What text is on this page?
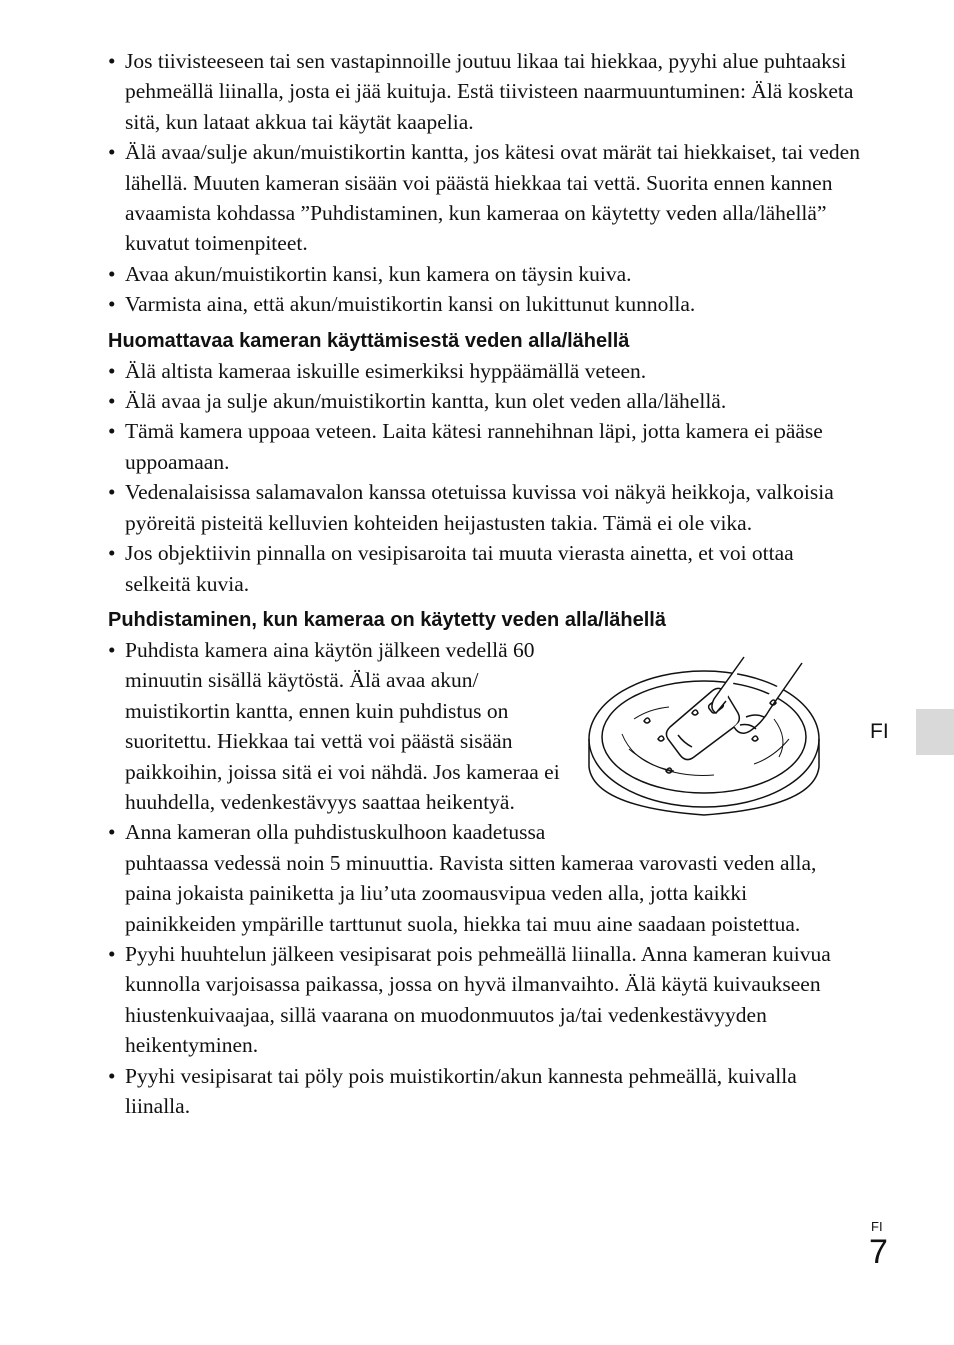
• Jos tiivisteeseen tai sen vastapinnoille joutuu likaa tai hiekkaa, pyyhi alue puhtaaksi pehmeällä liinalla, josta ei jää kuituja. Estä tiivisteen naarmuuntuminen: Älä kosketa sitä, kun lataat akkua tai käytät kaapelia.
• Älä avaa/sulje akun/muistikortin kantta, jos kätesi ovat märät tai hiekkaiset, tai veden lähellä. Muuten kameran sisään voi päästä hiekkaa tai vettä. Suorita ennen kannen avaamista kohdassa ”Puhdistaminen, kun kameraa on käytetty veden alla/lähellä” kuvatut toimenpiteet.
• Avaa akun/muistikortin kansi, kun kamera on täysin kuiva.
• Varmista aina, että akun/muistikortin kansi on lukittunut kunnolla.
Huomattavaa kameran käyttämisestä veden alla/lähellä
• Älä altista kameraa iskuille esimerkiksi hyppäämällä veteen.
• Älä avaa ja sulje akun/muistikortin kantta, kun olet veden alla/lähellä.
• Tämä kamera uppoaa veteen. Laita kätesi rannehihnan läpi, jotta kamera ei pääse uppoamaan.
• Vedenalaisissa salamavalon kanssa otetuissa kuvissa voi näkyä heikkoja, valkoisia pyöreitä pisteitä kelluvien kohteiden heijastusten takia. Tämä ei ole vika.
• Jos objektiivin pinnalla on vesipisaroita tai muuta vierasta ainetta, et voi ottaa selkeitä kuvia.
Puhdistaminen, kun kameraa on käytetty veden alla/lähellä
• Puhdista kamera aina käytön jälkeen vedellä 60 minuutin sisällä käytöstä. Älä avaa akun/ muistikortin kantta, ennen kuin puhdistus on suoritettu. Hiekkaa tai vettä voi päästä sisään paikkoihin, joissa sitä ei voi nähdä. Jos kameraa ei huuhdella, vedenkestävyys saattaa heikentyä.
• Anna kameran olla puhdistuskulhoon kaadetussa puhtaassa vedessä noin 5 minuuttia. Ravista sitten kameraa varovasti veden alla, paina jokaista painiketta ja liu’uta zoomausvipua veden alla, jotta kaikki painikkeiden ympärille tarttunut suola, hiekka tai muu aine saadaan poistettua.
• Pyyhi huuhtelun jälkeen vesipisarat pois pehmeällä liinalla. Anna kameran kuivua kunnolla varjoisassa paikassa, jossa on hyvä ilmanvaihto. Älä käytä kuivaukseen hiustenkuivaajaa, sillä vaarana on muodonmuutos ja/tai vedenkestävyyden heikentyminen.
• Pyyhi vesipisarat tai pöly pois muistikortin/akun kannesta pehmeällä, kuivalla liinalla.
FI
FI
7
